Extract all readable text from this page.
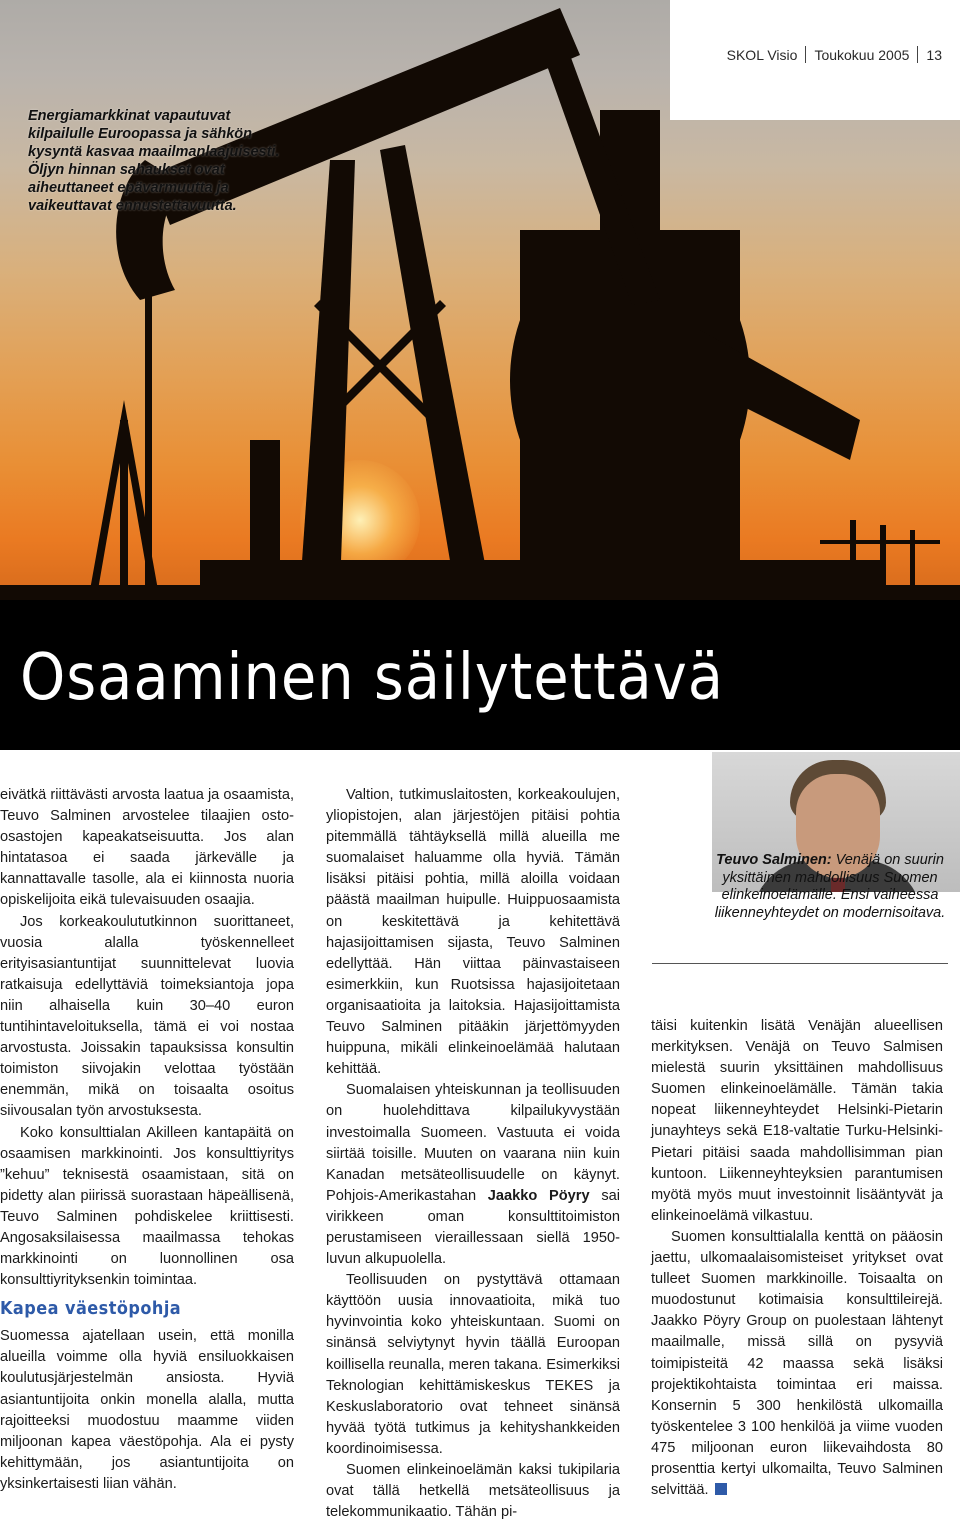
SKOL Visio Toukokuu 2005 13
Energiamarkkinat vapautuvat kilpailulle Euroopassa ja sähkön kysyntä kasvaa maailmanlaajuisesti. Öljyn hinnan sahaukset ovat aiheuttaneet epävarmuutta ja vaikeuttavat ennustettavuutta.
Osaaminen säilytettävä
Teuvo Salminen: Venäjä on suurin yksittäinen mahdollisuus Suomen elinkeinoelämälle. Ensi vaiheessa liikenneyhteydet on modernisoitava.

eivätkä riittävästi arvosta laatua ja osaamista, Teuvo Salminen arvostelee tilaajien osto-osastojen kapeakatseisuutta. Jos alan hintatasoa ei saada järkevälle ja kannattavalle tasolle, ala ei kiinnosta nuoria opiskelijoita eikä tulevaisuuden osaajia.

Jos korkeakoulututkinnon suorittaneet, vuosia alalla työskennelleet erityisasiantuntijat suunnittelevat luovia ratkaisuja edellyttäviä toimeksiantoja jopa niin alhaisella kuin 30–40 euron tuntihintaveloituksella, tämä ei voi nostaa arvostusta. Joissakin tapauksissa konsultin toimiston siivojakin velottaa työstään enemmän, mikä on toisaalta osoitus siivousalan työn arvostuksesta.

Koko konsulttialan Akilleen kantapäitä on osaamisen markkinointi. Jos konsulttiyritys ”kehuu” teknisestä osaamistaan, sitä on pidetty alan piirissä suorastaan häpeällisenä, Teuvo Salminen pohdiskelee kriittisesti. Angosaksilaisessa maailmassa tehokas markkinointi on luonnollinen osa konsulttiyrityksenkin toimintaa.

Kapea väestöpohja

Suomessa ajatellaan usein, että monilla alueilla voimme olla hyviä ensiluokkaisen koulutusjärjestelmän ansiosta. Hyviä asiantuntijoita onkin monella alalla, mutta rajoitteeksi muodostuu maamme viiden miljoonan kapea väestöpohja. Ala ei pysty kehittymään, jos asiantuntijoita on yksinkertaisesti liian vähän.

Valtion, tutkimuslaitosten, korkeakoulujen, yliopistojen, alan järjestöjen pitäisi pohtia pitemmällä tähtäyksellä millä alueilla me suomalaiset haluamme olla hyviä. Tämän lisäksi pitäisi pohtia, millä aloilla voidaan päästä maailman huipulle. Huippuosaamista on keskitettävä ja kehitettävä hajasijoittamisen sijasta, Teuvo Salminen edellyttää. Hän viittaa päinvastaiseen esimerkkiin, kun Ruotsissa hajasijoitetaan organisaatioita ja laitoksia. Hajasijoittamista Teuvo Salminen pitääkin järjettömyyden huippuna, mikäli elinkeinoelämää halutaan kehittää.

Suomalaisen yhteiskunnan ja teollisuuden on huolehdittava kilpailukyvystään investoimalla Suomeen. Vastuuta ei voida siirtää toisille. Muuten on vaarana niin kuin Kanadan metsäteollisuudelle on käynyt. Pohjois-Amerikastahan Jaakko Pöyry sai virikkeen oman konsulttitoimiston perustamiseen vieraillessaan siellä 1950-luvun alkupuolella.

Teollisuuden on pystyttävä ottamaan käyttöön uusia innovaatioita, mikä tuo hyvinvointia koko yhteiskuntaan. Suomi on sinänsä selviytynyt hyvin täällä Euroopan koillisella reunalla, meren takana. Esimerkiksi Teknologian kehittämiskeskus TEKES ja Keskuslaboratorio ovat tehneet sinänsä hyvää työtä tutkimus ja kehityshankkeiden koordinoimisessa.

Suomen elinkeinoelämän kaksi tukipilaria ovat tällä hetkellä metsäteollisuus ja telekommunikaatio. Tähän pi-

täisi kuitenkin lisätä Venäjän alueellisen merkityksen. Venäjä on Teuvo Salmisen mielestä suurin yksittäinen mahdollisuus Suomen elinkeinoelämälle. Tämän takia nopeat liikenneyhteydet Helsinki-Pietarin junayhteys sekä E18-valtatie Turku-Helsinki-Pietari pitäisi saada mahdollisimman pian kuntoon. Liikenneyhteyksien parantumisen myötä myös muut investoinnit lisääntyvät ja elinkeinoelämä vilkastuu.

Suomen konsulttialalla kenttä on pääosin jaettu, ulkomaalaisomisteiset yritykset ovat tulleet Suomen markkinoille. Toisaalta on muodostunut kotimaisia konsulttileirejä. Jaakko Pöyry Group on puolestaan lähtenyt maailmalle, missä sillä on pysyviä toimipisteitä 42 maassa sekä lisäksi projektikohtaista toimintaa eri maissa. Konsernin 5 300 henkilöstä ulkomailla työskentelee 3 100 henkilöä ja viime vuoden 475 miljoonan euron liikevaihdosta 80 prosenttia kertyi ulkomailta, Teuvo Salminen selvittää.
